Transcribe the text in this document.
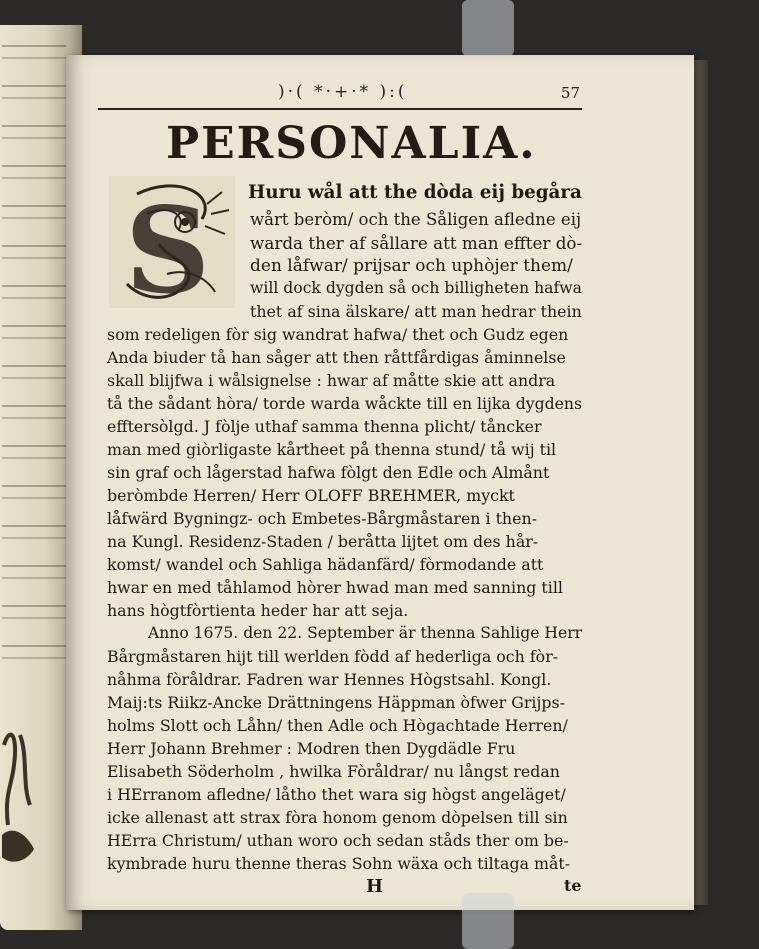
)·( *·+·* ):(	57
PERSONALIA.
S Huru wål att the dòda eij begåra

wårt beròm/ och the Såligen afledne eij

warda ther af sållare att man effter dò-

den låfwar/ prijsar och uphòjer them/

will dock dygden så och billigheten hafwa

thet af sina älskare/ att man hedrar thein

som redeligen fòr sig wandrat hafwa/ thet och Gudz egen

Anda biuder tå han såger att then råttfårdigas åminnelse

skall blijfwa i wålsignelse : hwar af måtte skie att andra

tå the sådant hòra/ torde warda wåckte till en lijka dygdens

efftersòlgd. J fòlje uthaf samma thenna plicht/ tåncker

man med giòrligaste kårtheet på thenna stund/ tå wij til

sin graf och lågerstad hafwa fòlgt den Edle och Almånt

beròmbde Herren/ Herr OLOFF BREHMER, myckt

låfwärd Bygningz- och Embetes-Bårgmåstaren i then-

na Kungl. Residenz-Staden / beråtta lijtet om des hår-

komst/ wandel och Sahliga hädanfärd/ fòrmodande att

hwar en med tåhlamod hòrer hwad man med sanning till

hans hògtfòrtienta heder har att seja.

Anno 1675. den 22. September är thenna Sahlige Herr

Bårgmåstaren hijt till werlden fòdd af hederliga och fòr-

nåhma fòråldrar. Fadren war Hennes Hògstsahl. Kongl.

Maij:ts Riikz-Ancke Drättningens Häppman òfwer Grijps-

holms Slott och Låhn/ then Adle och Hògachtade Herren/

Herr Johann Brehmer : Modren then Dygdädle Fru

Elisabeth Söderholm , hwilka Fòråldrar/ nu långst redan

i HErranom afledne/ låtho thet wara sig hògst angeläget/

icke allenast att strax fòra honom genom dòpelsen till sin

HErra Christum/ uthan woro och sedan ståds ther om be-

kymbrade huru thenne theras Sohn wäxa och tiltaga måt-

H	te
